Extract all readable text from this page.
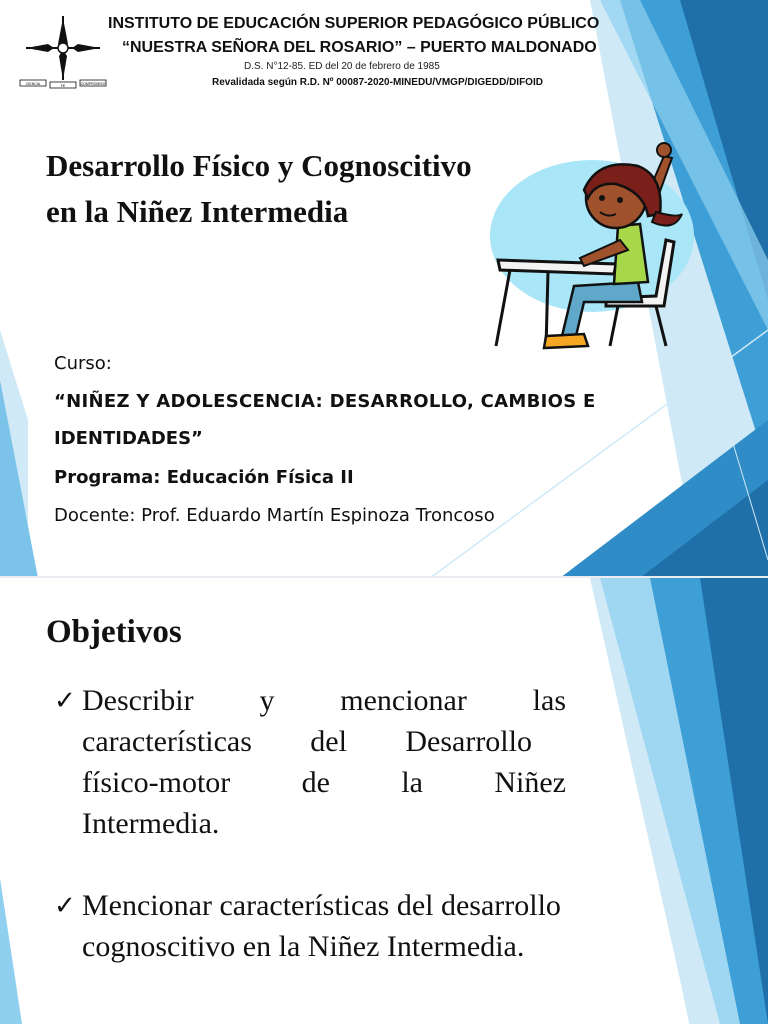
CIENCIA	FE	COMPROMISO

INSTITUTO DE EDUCACIÓN SUPERIOR PEDAGÓGICO PÚBLICO

“NUESTRA SEÑORA DEL ROSARIO” – PUERTO MALDONADO

D.S. N°12-85. ED del 20 de febrero de 1985

Revalidada según R.D. Nº 00087-2020-MINEDU/VMGP/DIGEDD/DIFOID

Desarrollo Físico y Cognoscitivo

en la Niñez Intermedia

Curso:

“NIÑEZ Y ADOLESCENCIA: DESARROLLO, CAMBIOS E

IDENTIDADES”

Programa: Educación Física II

Docente: Prof. Eduardo Martín Espinoza Troncoso

Objetivos

✓ Describir y mencionar las
características del Desarrollo
físico-motor de la Niñez
Intermedia.
✓ Mencionar características del desarrollo
cognoscitivo en la Niñez Intermedia.
